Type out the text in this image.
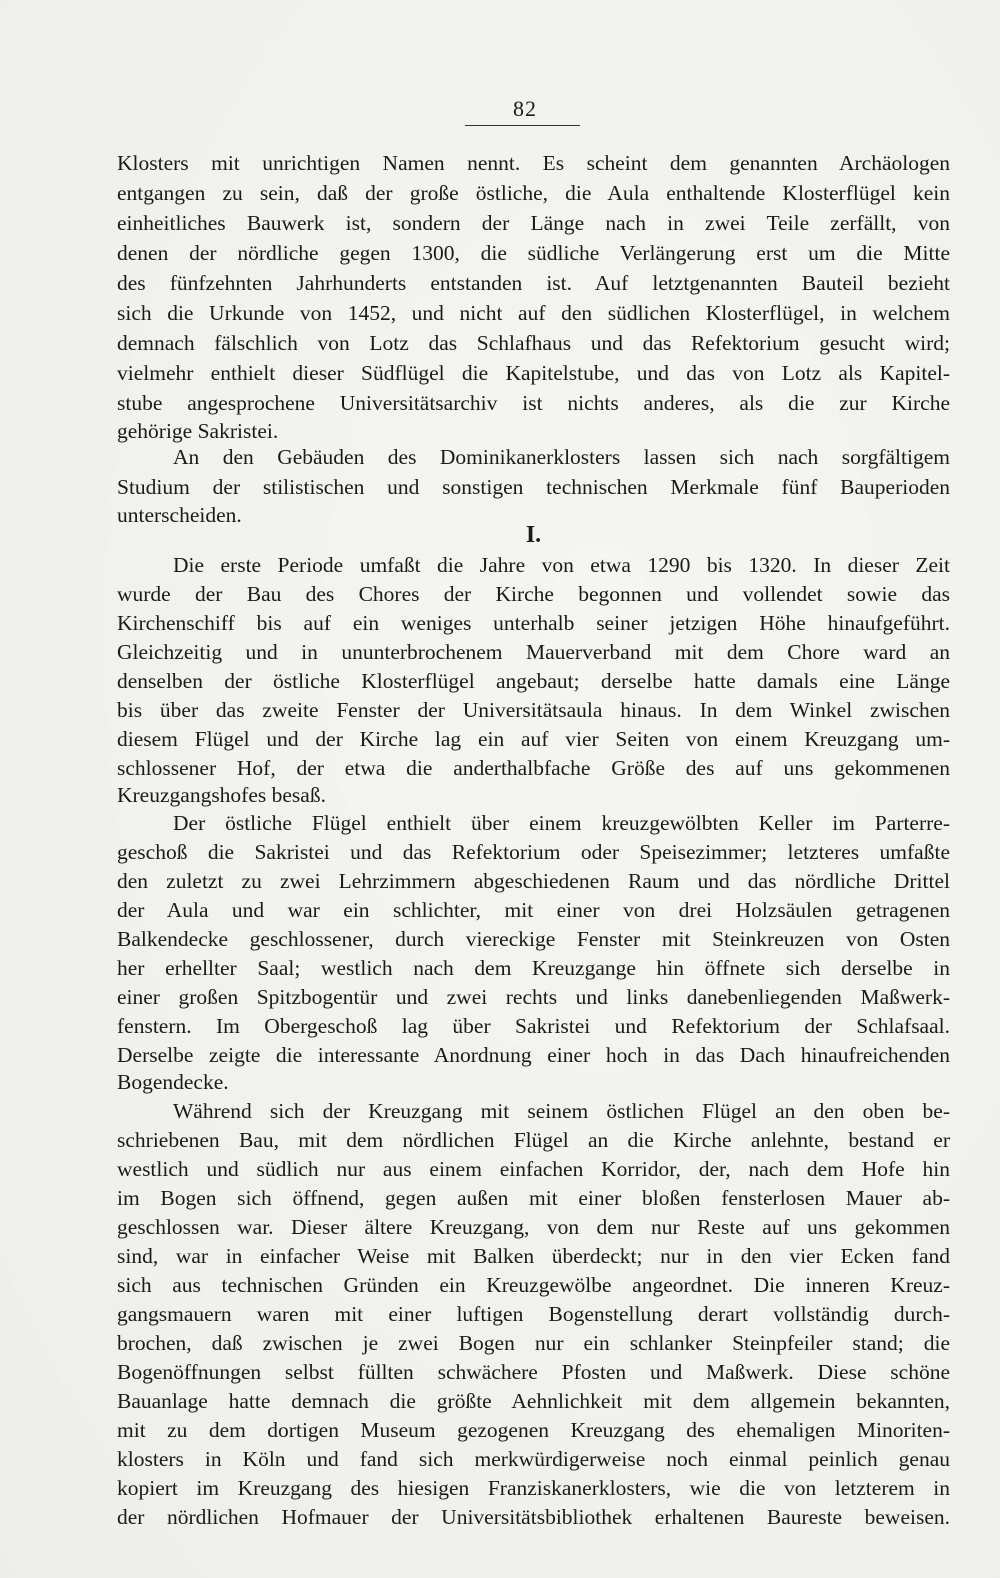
82
Klosters mit unrichtigen Namen nennt. Es scheint dem genannten Archäologen
entgangen zu sein, daß der große östliche, die Aula enthaltende Klosterflügel kein
einheitliches Bauwerk ist, sondern der Länge nach in zwei Teile zerfällt, von
denen der nördliche gegen 1300, die südliche Verlängerung erst um die Mitte
des fünfzehnten Jahrhunderts entstanden ist. Auf letztgenannten Bauteil bezieht
sich die Urkunde von 1452, und nicht auf den südlichen Klosterflügel, in welchem
demnach fälschlich von Lotz das Schlafhaus und das Refektorium gesucht wird;
vielmehr enthielt dieser Südflügel die Kapitelstube, und das von Lotz als Kapitel-
stube angesprochene Universitätsarchiv ist nichts anderes, als die zur Kirche
gehörige Sakristei.
An den Gebäuden des Dominikanerklosters lassen sich nach sorgfältigem
Studium der stilistischen und sonstigen technischen Merkmale fünf Bauperioden
unterscheiden.
I.
Die erste Periode umfaßt die Jahre von etwa 1290 bis 1320. In dieser Zeit
wurde der Bau des Chores der Kirche begonnen und vollendet sowie das
Kirchenschiff bis auf ein weniges unterhalb seiner jetzigen Höhe hinaufgeführt.
Gleichzeitig und in ununterbrochenem Mauerverband mit dem Chore ward an
denselben der östliche Klosterflügel angebaut; derselbe hatte damals eine Länge
bis über das zweite Fenster der Universitätsaula hinaus. In dem Winkel zwischen
diesem Flügel und der Kirche lag ein auf vier Seiten von einem Kreuzgang um-
schlossener Hof, der etwa die anderthalbfache Größe des auf uns gekommenen
Kreuzgangshofes besaß.
Der östliche Flügel enthielt über einem kreuzgewölbten Keller im Parterre-
geschoß die Sakristei und das Refektorium oder Speisezimmer; letzteres umfaßte
den zuletzt zu zwei Lehrzimmern abgeschiedenen Raum und das nördliche Drittel
der Aula und war ein schlichter, mit einer von drei Holzsäulen getragenen
Balkendecke geschlossener, durch viereckige Fenster mit Steinkreuzen von Osten
her erhellter Saal; westlich nach dem Kreuzgange hin öffnete sich derselbe in
einer großen Spitzbogentür und zwei rechts und links danebenliegenden Maßwerk-
fenstern. Im Obergeschoß lag über Sakristei und Refektorium der Schlafsaal.
Derselbe zeigte die interessante Anordnung einer hoch in das Dach hinaufreichenden
Bogendecke.
Während sich der Kreuzgang mit seinem östlichen Flügel an den oben be-
schriebenen Bau, mit dem nördlichen Flügel an die Kirche anlehnte, bestand er
westlich und südlich nur aus einem einfachen Korridor, der, nach dem Hofe hin
im Bogen sich öffnend, gegen außen mit einer bloßen fensterlosen Mauer ab-
geschlossen war. Dieser ältere Kreuzgang, von dem nur Reste auf uns gekommen
sind, war in einfacher Weise mit Balken überdeckt; nur in den vier Ecken fand
sich aus technischen Gründen ein Kreuzgewölbe angeordnet. Die inneren Kreuz-
gangsmauern waren mit einer luftigen Bogenstellung derart vollständig durch-
brochen, daß zwischen je zwei Bogen nur ein schlanker Steinpfeiler stand; die
Bogenöffnungen selbst füllten schwächere Pfosten und Maßwerk. Diese schöne
Bauanlage hatte demnach die größte Aehnlichkeit mit dem allgemein bekannten,
mit zu dem dortigen Museum gezogenen Kreuzgang des ehemaligen Minoriten-
klosters in Köln und fand sich merkwürdigerweise noch einmal peinlich genau
kopiert im Kreuzgang des hiesigen Franziskanerklosters, wie die von letzterem in
der nördlichen Hofmauer der Universitätsbibliothek erhaltenen Baureste beweisen.
